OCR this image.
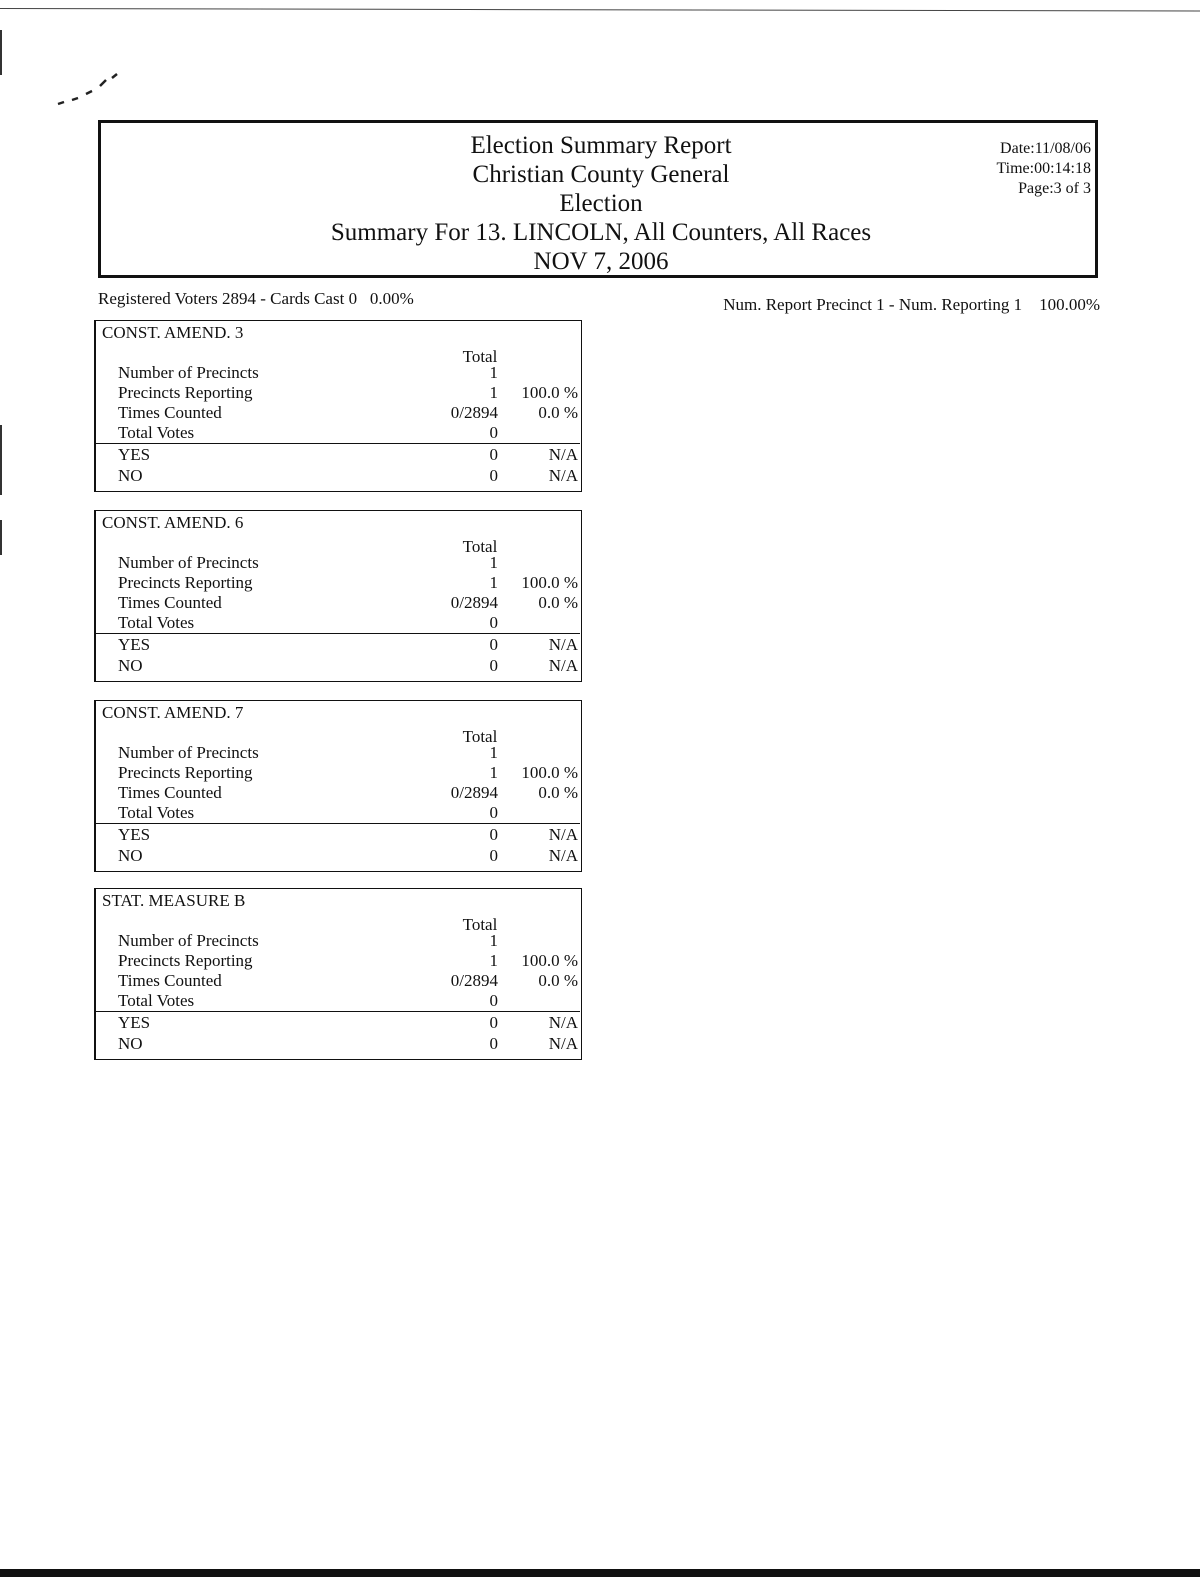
Election Summary Report
Christian County General
Election
Summary For 13. LINCOLN, All Counters, All Races
NOV 7, 2006
Date:11/08/06
Time:00:14:18
Page:3 of 3
Registered Voters 2894 - Cards Cast 0   0.00%	Num. Report Precinct 1 - Num. Reporting 1    100.00%
CONST. AMEND. 3
Total
Number of Precincts	1
Precincts Reporting	1 100.0 %
Times Counted	0/2894 0.0 %
Total Votes	0
YES	0	N/A
NO	0	N/A
CONST. AMEND. 6
Total
Number of Precincts	1
Precincts Reporting	1 100.0 %
Times Counted	0/2894 0.0 %
Total Votes	0
YES	0	N/A
NO	0	N/A
CONST. AMEND. 7
Total
Number of Precincts	1
Precincts Reporting	1 100.0 %
Times Counted	0/2894 0.0 %
Total Votes	0
YES	0	N/A
NO	0	N/A
STAT. MEASURE B
Total
Number of Precincts	1
Precincts Reporting	1 100.0 %
Times Counted	0/2894 0.0 %
Total Votes	0
YES	0	N/A
NO	0	N/A
